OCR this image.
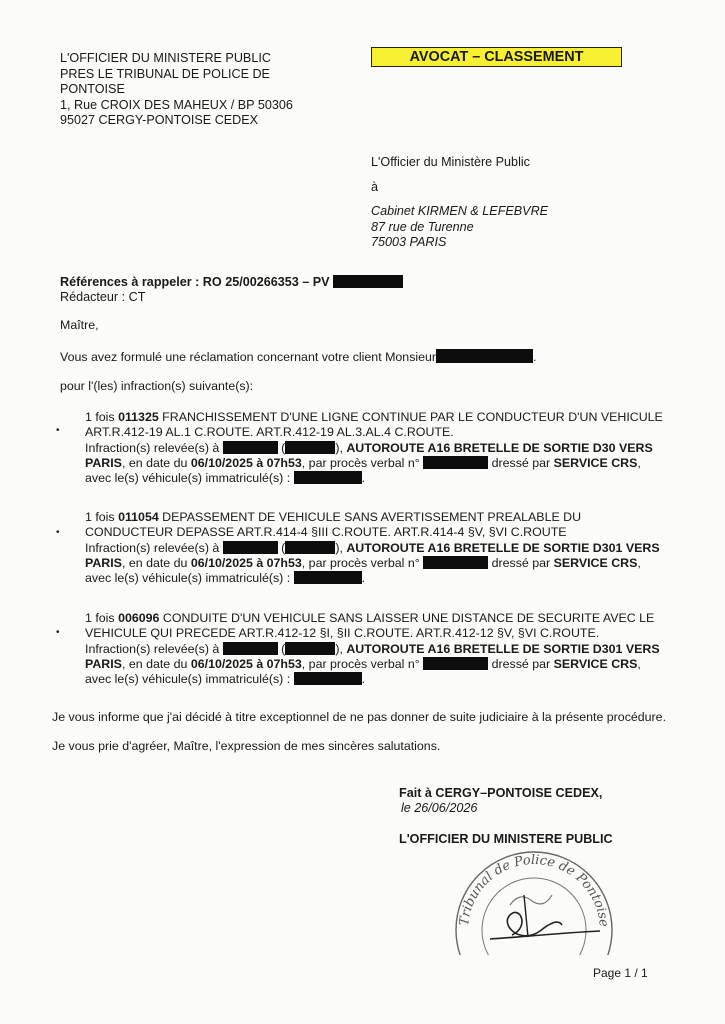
L'OFFICIER DU MINISTERE PUBLIC
PRES LE TRIBUNAL DE POLICE DE
PONTOISE
1, Rue CROIX DES MAHEUX / BP 50306
95027 CERGY-PONTOISE CEDEX
AVOCAT – CLASSEMENT
L'Officier du Ministère Public
à
Cabinet KIRMEN & LEFEBVRE
87 rue de Turenne
75003 PARIS
Références à rappeler : RO 25/00266353 – PV
Rédacteur : CT
Maître,
Vous avez formulé une réclamation concernant votre client Monsieur	.
pour l'(les) infraction(s) suivante(s):
•
1 fois 011325 FRANCHISSEMENT D'UNE LIGNE CONTINUE PAR LE CONDUCTEUR D'UN VEHICULE
ART.R.412-19 AL.1 C.ROUTE. ART.R.412-19 AL.3.AL.4 C.ROUTE.
Infraction(s) relevée(s) à	(	), AUTOROUTE A16 BRETELLE DE SORTIE D30 VERS
PARIS, en date du 06/10/2025 à 07h53, par procès verbal n°	dressé par SERVICE CRS,
avec le(s) véhicule(s) immatriculé(s) :	.
•
1 fois 011054 DEPASSEMENT DE VEHICULE SANS AVERTISSEMENT PREALABLE DU
CONDUCTEUR DEPASSE ART.R.414-4 §III C.ROUTE. ART.R.414-4 §V, §VI C.ROUTE
Infraction(s) relevée(s) à	(	), AUTOROUTE A16 BRETELLE DE SORTIE D301 VERS
PARIS, en date du 06/10/2025 à 07h53, par procès verbal n°	dressé par SERVICE CRS,
avec le(s) véhicule(s) immatriculé(s) :	.
•
1 fois 006096 CONDUITE D'UN VEHICULE SANS LAISSER UNE DISTANCE DE SECURITE AVEC LE
VEHICULE QUI PRECEDE ART.R.412-12 §I, §II C.ROUTE. ART.R.412-12 §V, §VI C.ROUTE.
Infraction(s) relevée(s) à	(	), AUTOROUTE A16 BRETELLE DE SORTIE D301 VERS
PARIS, en date du 06/10/2025 à 07h53, par procès verbal n°	dressé par SERVICE CRS,
avec le(s) véhicule(s) immatriculé(s) :	.
Je vous informe que j'ai décidé à titre exceptionnel de ne pas donner de suite judiciaire à la présente procédure.
Je vous prie d'agréer, Maître, l'expression de mes sincères salutations.
Fait à CERGY–PONTOISE CEDEX,
le 26/06/2026
L'OFFICIER DU MINISTERE PUBLIC
Tribunal de Police de Pontoise
Page 1 / 1
